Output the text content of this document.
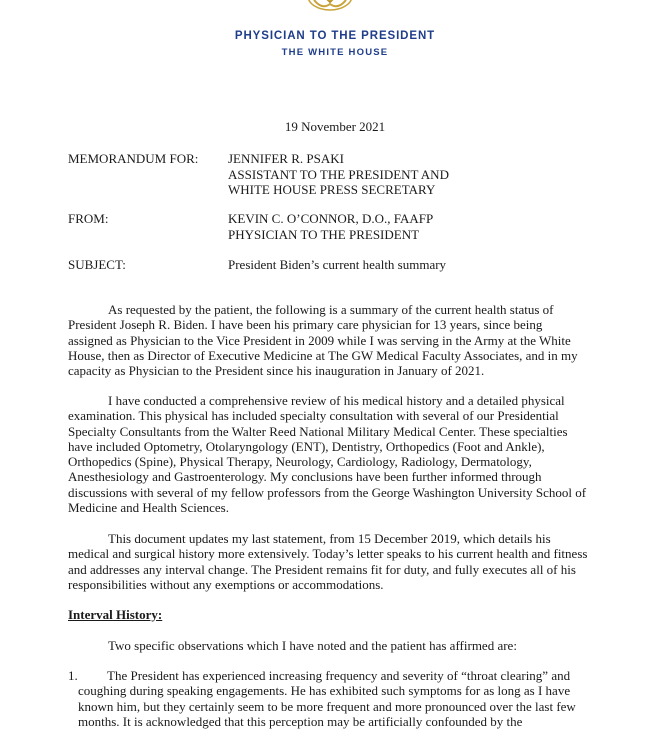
PHYSICIAN TO THE PRESIDENT
THE WHITE HOUSE
19 November 2021
MEMORANDUM FOR: JENNIFER R. PSAKI
ASSISTANT TO THE PRESIDENT AND
WHITE HOUSE PRESS SECRETARY
FROM:	KEVIN C. O’CONNOR, D.O., FAAFP
PHYSICIAN TO THE PRESIDENT
SUBJECT:	President Biden’s current health summary

As requested by the patient, the following is a summary of the current health status of President Joseph R. Biden. I have been his primary care physician for 13 years, since being assigned as Physician to the Vice President in 2009 while I was serving in the Army at the White House, then as Director of Executive Medicine at The GW Medical Faculty Associates, and in my capacity as Physician to the President since his inauguration in January of 2021.

I have conducted a comprehensive review of his medical history and a detailed physical examination. This physical has included specialty consultation with several of our Presidential Specialty Consultants from the Walter Reed National Military Medical Center. These specialties have included Optometry, Otolaryngology (ENT), Dentistry, Orthopedics (Foot and Ankle), Orthopedics (Spine), Physical Therapy, Neurology, Cardiology, Radiology, Dermatology, Anesthesiology and Gastroenterology. My conclusions have been further informed through discussions with several of my fellow professors from the George Washington University School of Medicine and Health Sciences.

This document updates my last statement, from 15 December 2019, which details his medical and surgical history more extensively. Today’s letter speaks to his current health and fitness and addresses any interval change. The President remains fit for duty, and fully executes all of his responsibilities without any exemptions or accommodations.

Interval History:
Two specific observations which I have noted and the patient has affirmed are:
1.	The President has experienced increasing frequency and severity of “throat clearing” and coughing during speaking engagements. He has exhibited such symptoms for as long as I have known him, but they certainly seem to be more frequent and more pronounced over the last few months. It is acknowledged that this perception may be artificially confounded by the
